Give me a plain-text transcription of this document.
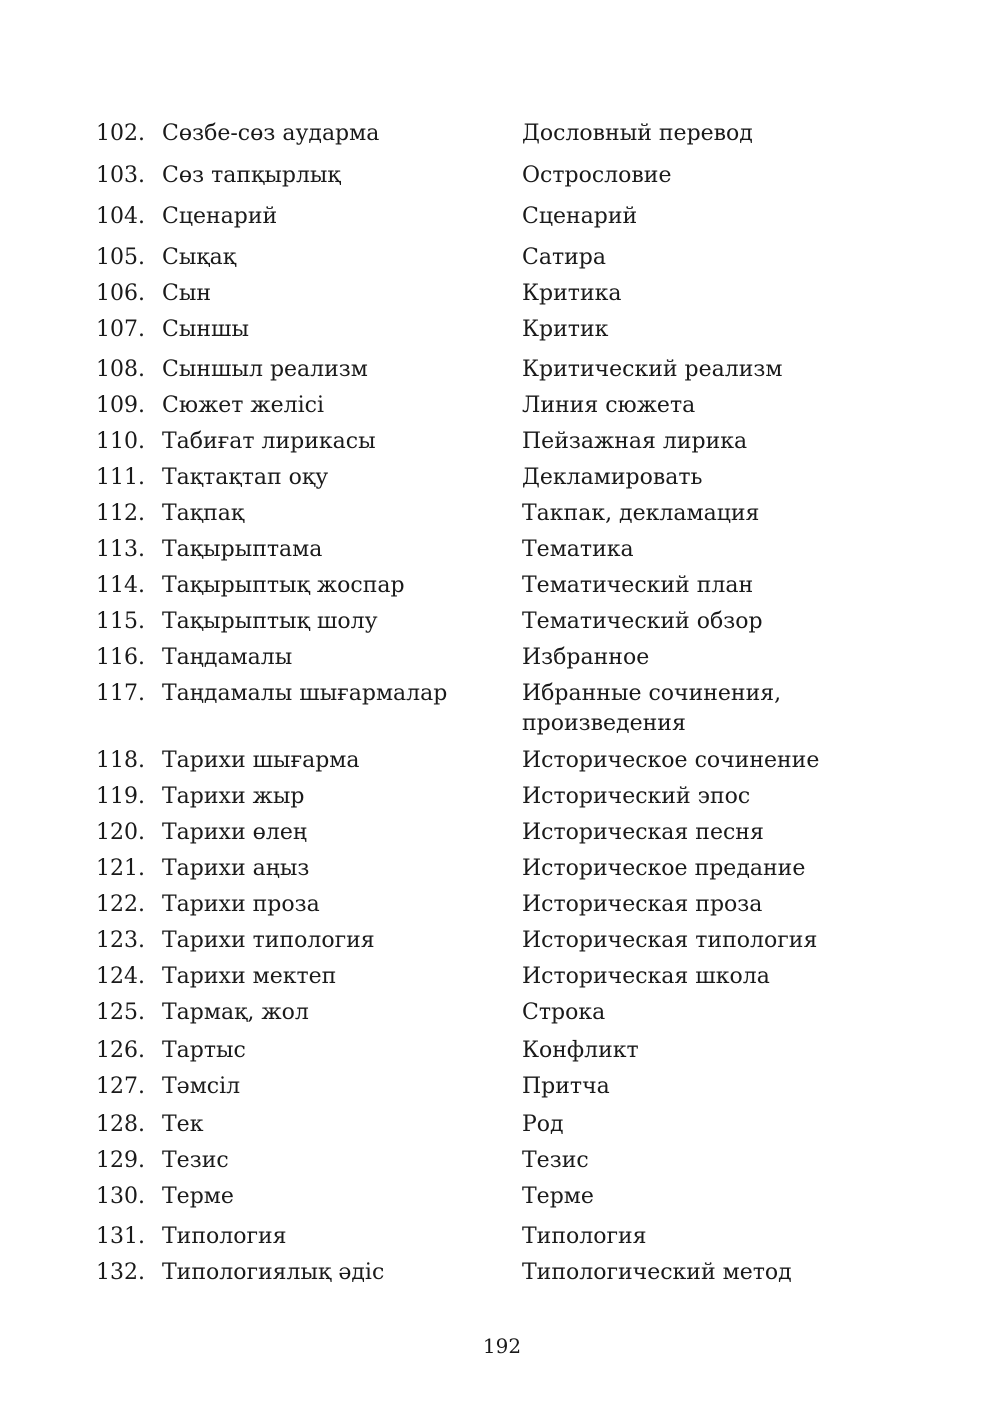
102. Сөзбе-сөз аударма	Дословный перевод
103. Сөз тапқырлық	Острословие
104. Сценарий	Сценарий
105. Сықақ	Сатира
106. Сын	Критика
107. Сыншы	Критик
108. Сыншыл реализм	Критический реализм
109. Сюжет желісі	Линия сюжета
110. Табиғат лирикасы	Пейзажная лирика
111. Тақтақтап оқу	Декламировать
112. Тақпақ	Такпак, декламация
113. Тақырыптама	Тематика
114. Тақырыптық жоспар	Тематический план
115. Тақырыптық шолу	Тематический обзор
116. Таңдамалы	Избранное
117. Таңдамалы шығармалар	Ибранные сочинения, произведения
118. Тарихи шығарма	Историческое сочинение
119. Тарихи жыр	Исторический эпос
120. Тарихи өлең	Историческая песня
121. Тарихи аңыз	Историческое предание
122. Тарихи проза	Историческая проза
123. Тарихи типология	Историческая типология
124. Тарихи мектеп	Историческая школа
125. Тармақ, жол	Строка
126. Тартыс	Конфликт
127. Тәмсіл	Притча
128. Тек	Род
129. Тезис	Тезис
130. Терме	Терме
131. Типология	Типология
132. Типологиялық әдіс	Типологический метод
192
